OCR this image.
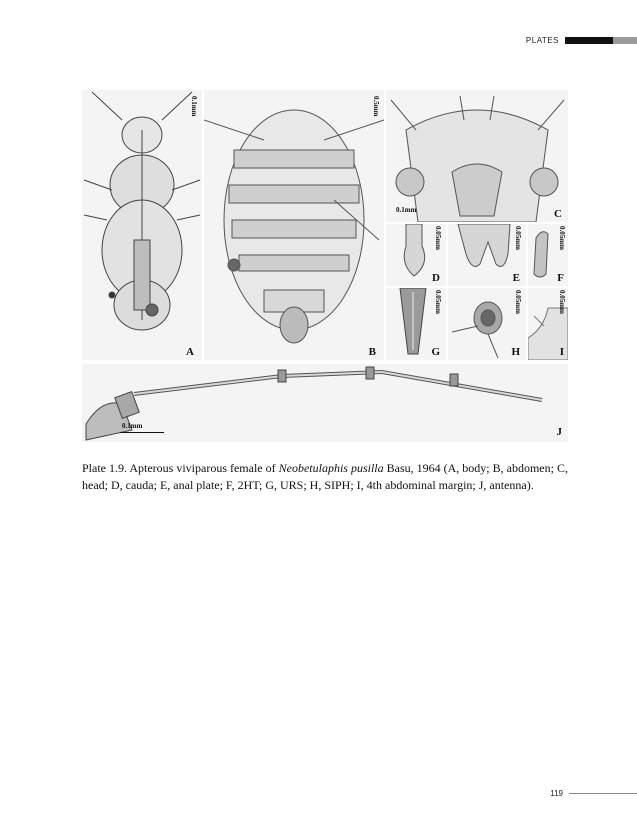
PLATES
0.1mm
A
0.5mm
B
0.1mm	C
0.05mm
D
0.05mm
E
0.05mm
F
0.05mm
G
0.05mm
H
0.05mm
I
0.1mm	J
Plate 1.9. Apterous viviparous female of Neobetulaphis pusilla Basu, 1964 (A, body; B, abdomen; C, head; D, cauda; E, anal plate; F, 2HT; G, URS; H, SIPH; I, 4th abdominal margin; J, antenna).
119
